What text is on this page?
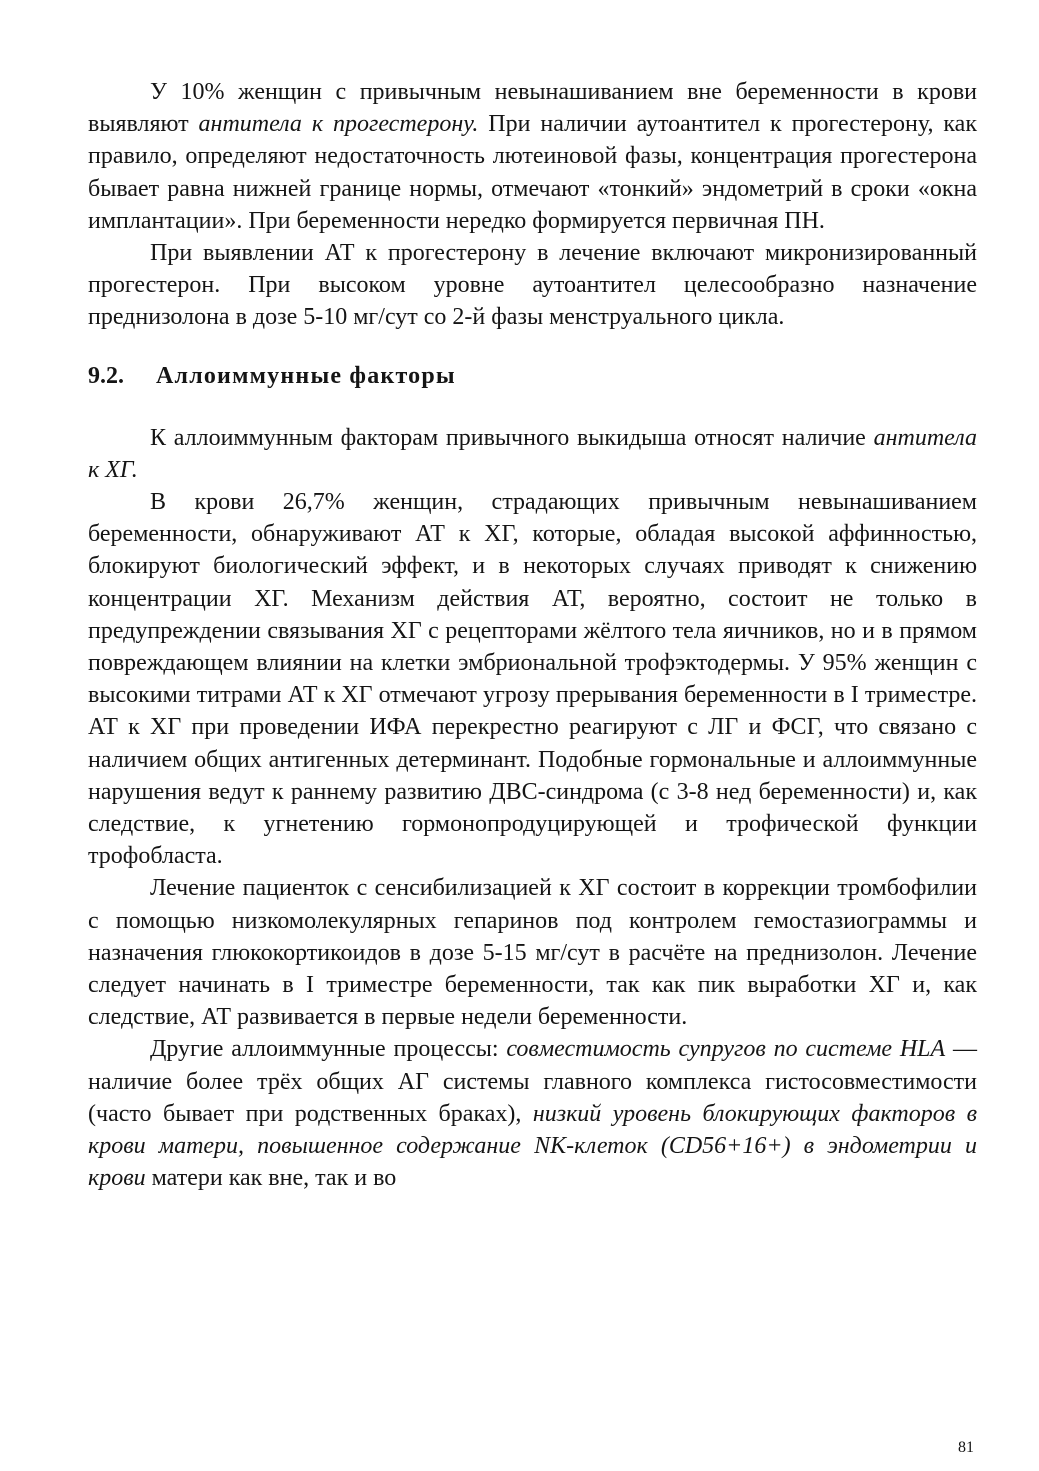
У 10% женщин с привычным невынашиванием вне беременности в крови выявляют антитела к прогестерону. При наличии аутоантител к прогестерону, как правило, определяют недостаточность лютеиновой фазы, концентрация прогестерона бывает равна нижней границе нормы, отмечают «тонкий» эндометрий в сроки «окна имплантации». При беременности нередко формируется первичная ПН.

При выявлении АТ к прогестерону в лечение включают микронизированный прогестерон. При высоком уровне аутоантител целесообразно назначение преднизолона в дозе 5-10 мг/сут со 2-й фазы менструального цикла.

9.2.	Аллоиммунные факторы

К аллоиммунным факторам привычного выкидыша относят наличие антитела к ХГ.

В крови 26,7% женщин, страдающих привычным невынашиванием беременности, обнаруживают АТ к ХГ, которые, обладая высокой аффинностью, блокируют биологический эффект, и в некоторых случаях приводят к снижению концентрации ХГ. Механизм действия АТ, вероятно, состоит не только в предупреждении связывания ХГ с рецепторами жёлтого тела яичников, но и в прямом повреждающем влиянии на клетки эмбриональной трофэктодермы. У 95% женщин с высокими титрами АТ к ХГ отмечают угрозу прерывания беременности в I триместре. АТ к ХГ при проведении ИФА перекрестно реагируют с ЛГ и ФСГ, что связано с наличием общих антигенных детерминант. Подобные гормональные и аллоиммунные нарушения ведут к раннему развитию ДВС-синдрома (с 3-8 нед беременности) и, как следствие, к угнетению гормонопродуцирующей и трофической функции трофобласта.

Лечение пациенток с сенсибилизацией к ХГ состоит в коррекции тромбофилии с помощью низкомолекулярных гепаринов под контролем гемостазиограммы и назначения глюкокортикоидов в дозе 5-15 мг/сут в расчёте на преднизолон. Лечение следует начинать в I триместре беременности, так как пик выработки ХГ и, как следствие, АТ развивается в первые недели беременности.

Другие аллоиммунные процессы: совместимость супругов по системе HLA — наличие более трёх общих АГ системы главного комплекса гистосовместимости (часто бывает при родственных браках), низкий уровень блокирующих факторов в крови матери, повышенное содержание NK-клеток (CD56+16+) в эндометрии и крови матери как вне, так и во

81
